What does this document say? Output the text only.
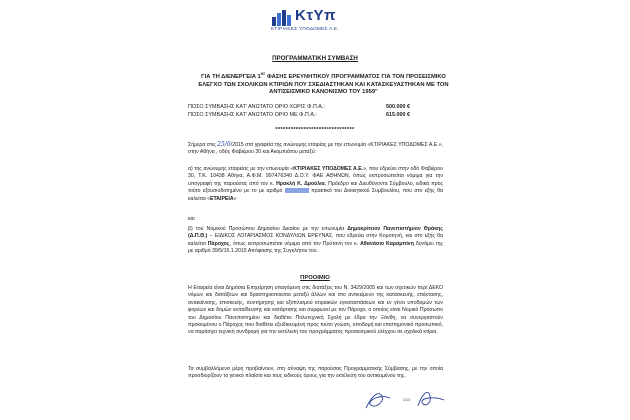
ΚτΥπ
ΚΤΙΡΙΑΚΕΣ ΥΠΟΔΟΜΕΣ Α.Ε.
ΠΡΟΓΡΑΜΜΑΤΙΚΗ ΣΥΜΒΑΣΗ
ΓΙΑ ΤΗ ΔΙΕΝΕΡΓΕΙΑ $1^{H\Sigma}$ ΦΑΣΗΣ ΕΡΕΥΝΗΤΙΚΟΥ ΠΡΟΓΡΑΜΜΑΤΟΣ ΓΙΑ ΤΟΝ ΠΡΟΣΕΙΣΜΙΚΟ ΕΛΕΓΧΟ ΤΩΝ ΣΧΟΛΙΚΩΝ ΚΤΙΡΙΩΝ ΠΟΥ ΣΧΕΔΙΑΣΤΗΚΑΝ ΚΑΙ ΚΑΤΑΣΚΕΥΑΣΤΗΚΑΝ ΜΕ ΤΟΝ ΑΝΤΙΣΕΙΣΜΙΚΟ ΚΑΝΟΝΙΣΜΟ ΤΟΥ 1959"
ΠΟΣΟ ΣΥΜΒΑΣΗΣ ΚΑΤ' ΑΝΩΤΑΤΟ ΟΡΙΟ ΧΩΡΙΣ Φ.Π.Α.:	500.000 €
ΠΟΣΟ ΣΥΜΒΑΣΗΣ ΚΑΤ' ΑΝΩΤΑΤΟ ΟΡΙΟ ΜΕ Φ.Π.Α.:	615.000 €
*******************************
Σήμερα στις 25/6/2015 στα γραφεία της ανώνυμης εταιρίας με την επωνυμία «ΚΤΙΡΙΑΚΕΣ ΥΠΟΔΟΜΕΣ Α.Ε.», στην Αθήνα , οδός Φαβιέρου 30 και Ακομπιάτου μεταξύ:
α) της ανώνυμης εταιρείας με την επωνυμία «ΚΤΙΡΙΑΚΕΣ ΥΠΟΔΟΜΕΣ Α.Ε.», που εδρεύει στην οδό Φαβιέρου 30, Τ.Κ. 10438 Αθήνα, Α.Φ.Μ. 997476340 Δ.Ο.Υ. ΦΑΕ ΑΘΗΝΩΝ, όπως εκπροσωπείται νόμιμα για την υπογραφή της παρούσας από τον κ. Ηρακλή Κ. Δρούλια, Πρόεδρο και Διευθύνοντα Σύμβουλο, ειδικά προς τούτο εξουσιοδοτημένο με το με αριθμό	πρακτικό του Διοικητικού Συμβουλίου, που στο εξής θα καλείται «ΕΤΑΙΡΕΙΑ»
και
β) του Νομικού Προσώπου Δημοσίου Δικαίου με την επωνυμία Δημοκρίτειον Πανεπιστήμιον Θράκης (Δ.Π.Θ.) – ΕΙΔΙΚΟΣ ΛΟΓΑΡΙΑΣΜΟΣ ΚΟΝΔΥΛΙΩΝ ΕΡΕΥΝΑΣ, που εδρεύει στην Κομοτηνή, και στο εξής θα καλείται Πάροχος, όπως εκπροσωπείται νόμιμα από τον Πρύτανη τον κ. Αθανάσιο Καραμπίνη δυνάμει της με αριθμό 39/5/15.1.2015 Απόφασης της Συγκλήτου του.
ΠΡΟΟΙΜΙΟ
Η Εταιρεία είναι Δημόσια Επιχείρηση υπαγόμενη στις διατάξεις του Ν. 3429/2005 και των σχετικών περί ΔΕΚΟ νόμων και διατάξεων και δραστηριοποιείται μεταξύ άλλων και στο αντικείμενο της κατασκευής, επέκτασης, ανακαίνισης, επισκευής, συντήρησης και εξοπλισμού κτιριακών εγκαταστάσεων και εν γένει υποδομών των φορέων και δομών εκπαίδευσης και κατάρτισης και συμφωνεί με τον Πάροχο, ο οποίος είναι Νομικό Πρόσωπο του Δημοσίου Πανεπιστημίου και διαθέτει Πολυτεχνική Σχολή με έδρα την Ξάνθη, να συνεργαστούν προκειμένου ο Πάροχος που διαθέτει εξειδικευμένη προς τούτο γνώση, υποδομή και επιστημονικό προσωπικό, να παράσχει τεχνική συνδρομή για την εκτέλεση του προγράμματος προσεισμικού ελέγχου σε σχολικά κτίρια.
Τα συμβαλλόμενα μέρη προβαίνουν, στη σύναψη της παρούσας Προγραμματικής Σύμβασης, με την οποία προσδιορίζουν το γενικό πλαίσιο και τους ειδικούς όρους για την εκτέλεση του αντικειμένου της.
1/13
